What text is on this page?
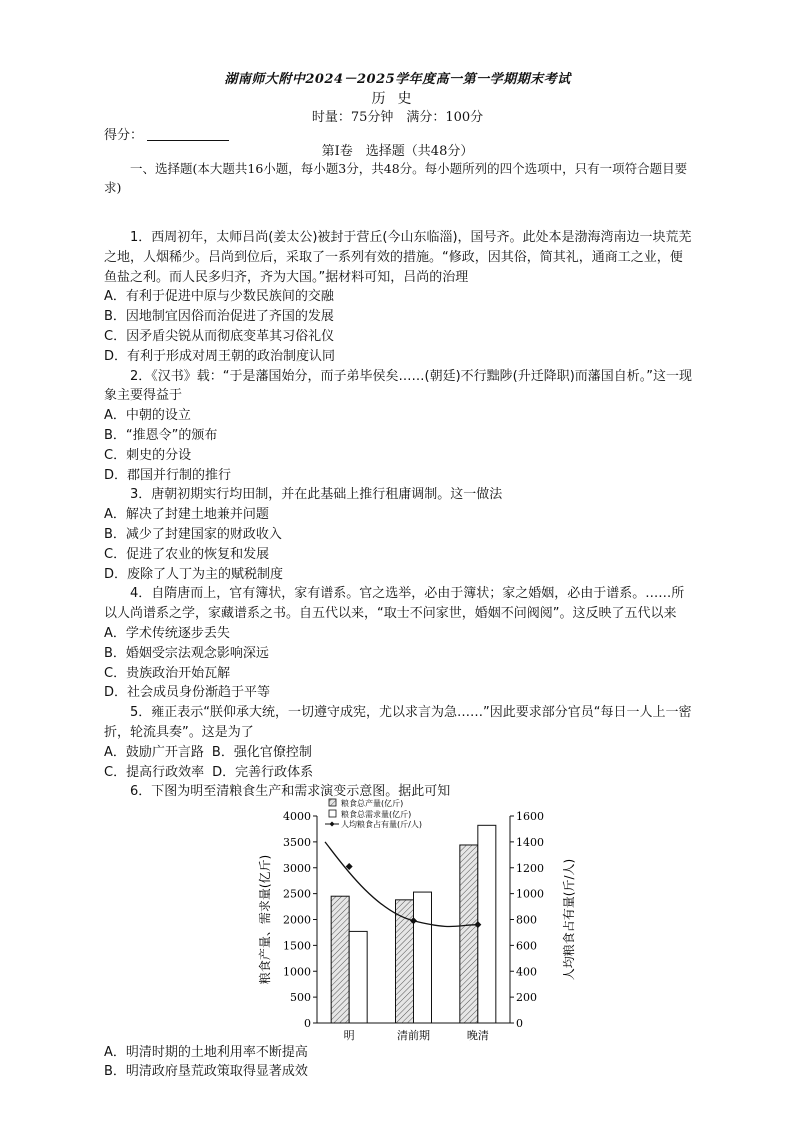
湖南师大附中2024－2025学年度高一第一学期期末考试
历史
时量：75分钟　满分：100分
得分：
第Ⅰ卷　选择题（共48分）
一、选择题(本大题共16小题，每小题3分，共48分。每小题所列的四个选项中，只有一项符合题目要求)
1．西周初年，太师吕尚(姜太公)被封于营丘(今山东临淄)，国号齐。此处本是渤海湾南边一块荒芜之地，人烟稀少。吕尚到位后，采取了一系列有效的措施。“修政，因其俗，简其礼，通商工之业，便鱼盐之利。而人民多归齐，齐为大国。”据材料可知，吕尚的治理
A．有利于促进中原与少数民族间的交融
B．因地制宜因俗而治促进了齐国的发展
C．因矛盾尖锐从而彻底变革其习俗礼仪
D．有利于形成对周王朝的政治制度认同
2．《汉书》载：“于是藩国始分，而子弟毕侯矣……(朝廷)不行黜陟(升迁降职)而藩国自析。”这一现象主要得益于
A．中朝的设立
B．“推恩令”的颁布
C．刺史的分设
D．郡国并行制的推行
3．唐朝初期实行均田制，并在此基础上推行租庸调制。这一做法
A．解决了封建土地兼并问题
B．减少了封建国家的财政收入
C．促进了农业的恢复和发展
D．废除了人丁为主的赋税制度
4．自隋唐而上，官有簿状，家有谱系。官之选举，必由于簿状；家之婚姻，必由于谱系。……所以人尚谱系之学，家藏谱系之书。自五代以来，“取士不问家世，婚姻不问阀阅”。这反映了五代以来
A．学术传统逐步丢失
B．婚姻受宗法观念影响深远
C．贵族政治开始瓦解
D．社会成员身份渐趋于平等
5．雍正表示“朕仰承大统，一切遵守成宪，尤以求言为急……”因此要求部分官员“每日一人上一密折，轮流具奏”。这是为了
A．鼓励广开言路 B．强化官僚控制
C．提高行政效率 D．完善行政体系
6．下图为明至清粮食生产和需求演变示意图。据此可知
0
500
1000
1500
2000
2500
3000
3500
4000
0
200
400
600
800
1000
1200
1400
1600
明	清前期	晚清
粮食产量、需求量(亿斤)	人均粮食占有量(斤/人)
粮食总产量(亿斤)
粮食总需求量(亿斤)
人均粮食占有量(斤/人)
A．明清时期的土地利用率不断提高
B．明清政府垦荒政策取得显著成效
